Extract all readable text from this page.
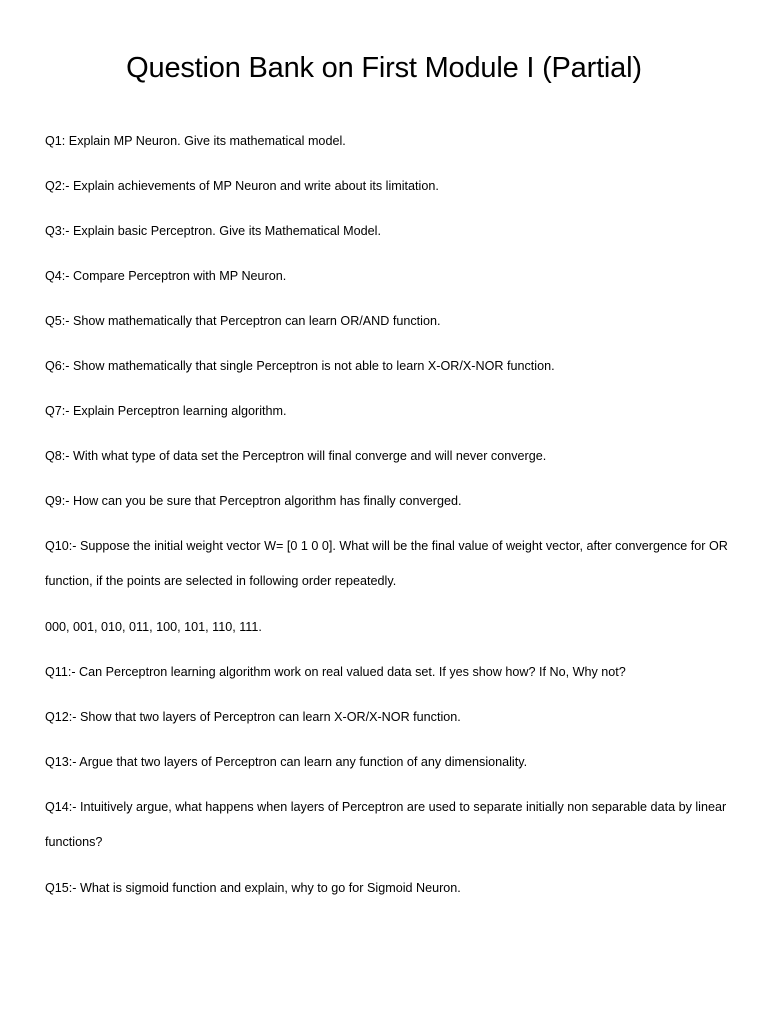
Question Bank on First Module I (Partial)

Q1: Explain MP Neuron. Give its mathematical model.

Q2:- Explain achievements of MP Neuron and write about its limitation.

Q3:- Explain basic Perceptron. Give its Mathematical Model.

Q4:- Compare Perceptron with MP Neuron.

Q5:- Show mathematically that Perceptron can learn OR/AND function.

Q6:- Show mathematically that single Perceptron is not able to learn X-OR/X-NOR function.

Q7:- Explain Perceptron learning algorithm.

Q8:- With what type of data set the Perceptron will final converge and will never converge.

Q9:- How can you be sure that Perceptron algorithm has finally converged.

Q10:- Suppose the initial weight vector W= [0 1 0 0]. What will be the final value of weight vector, after convergence for OR function, if the points are selected in following order repeatedly.

000, 001, 010, 011, 100, 101, 110, 111.

Q11:- Can Perceptron learning algorithm work on real valued data set. If yes show how? If No, Why not?

Q12:- Show that two layers of Perceptron can learn X-OR/X-NOR function.

Q13:- Argue that two layers of Perceptron can learn any function of any dimensionality.

Q14:- Intuitively argue, what happens when layers of Perceptron are used to separate initially non separable data by linear functions?

Q15:- What is sigmoid function and explain, why to go for Sigmoid Neuron.
